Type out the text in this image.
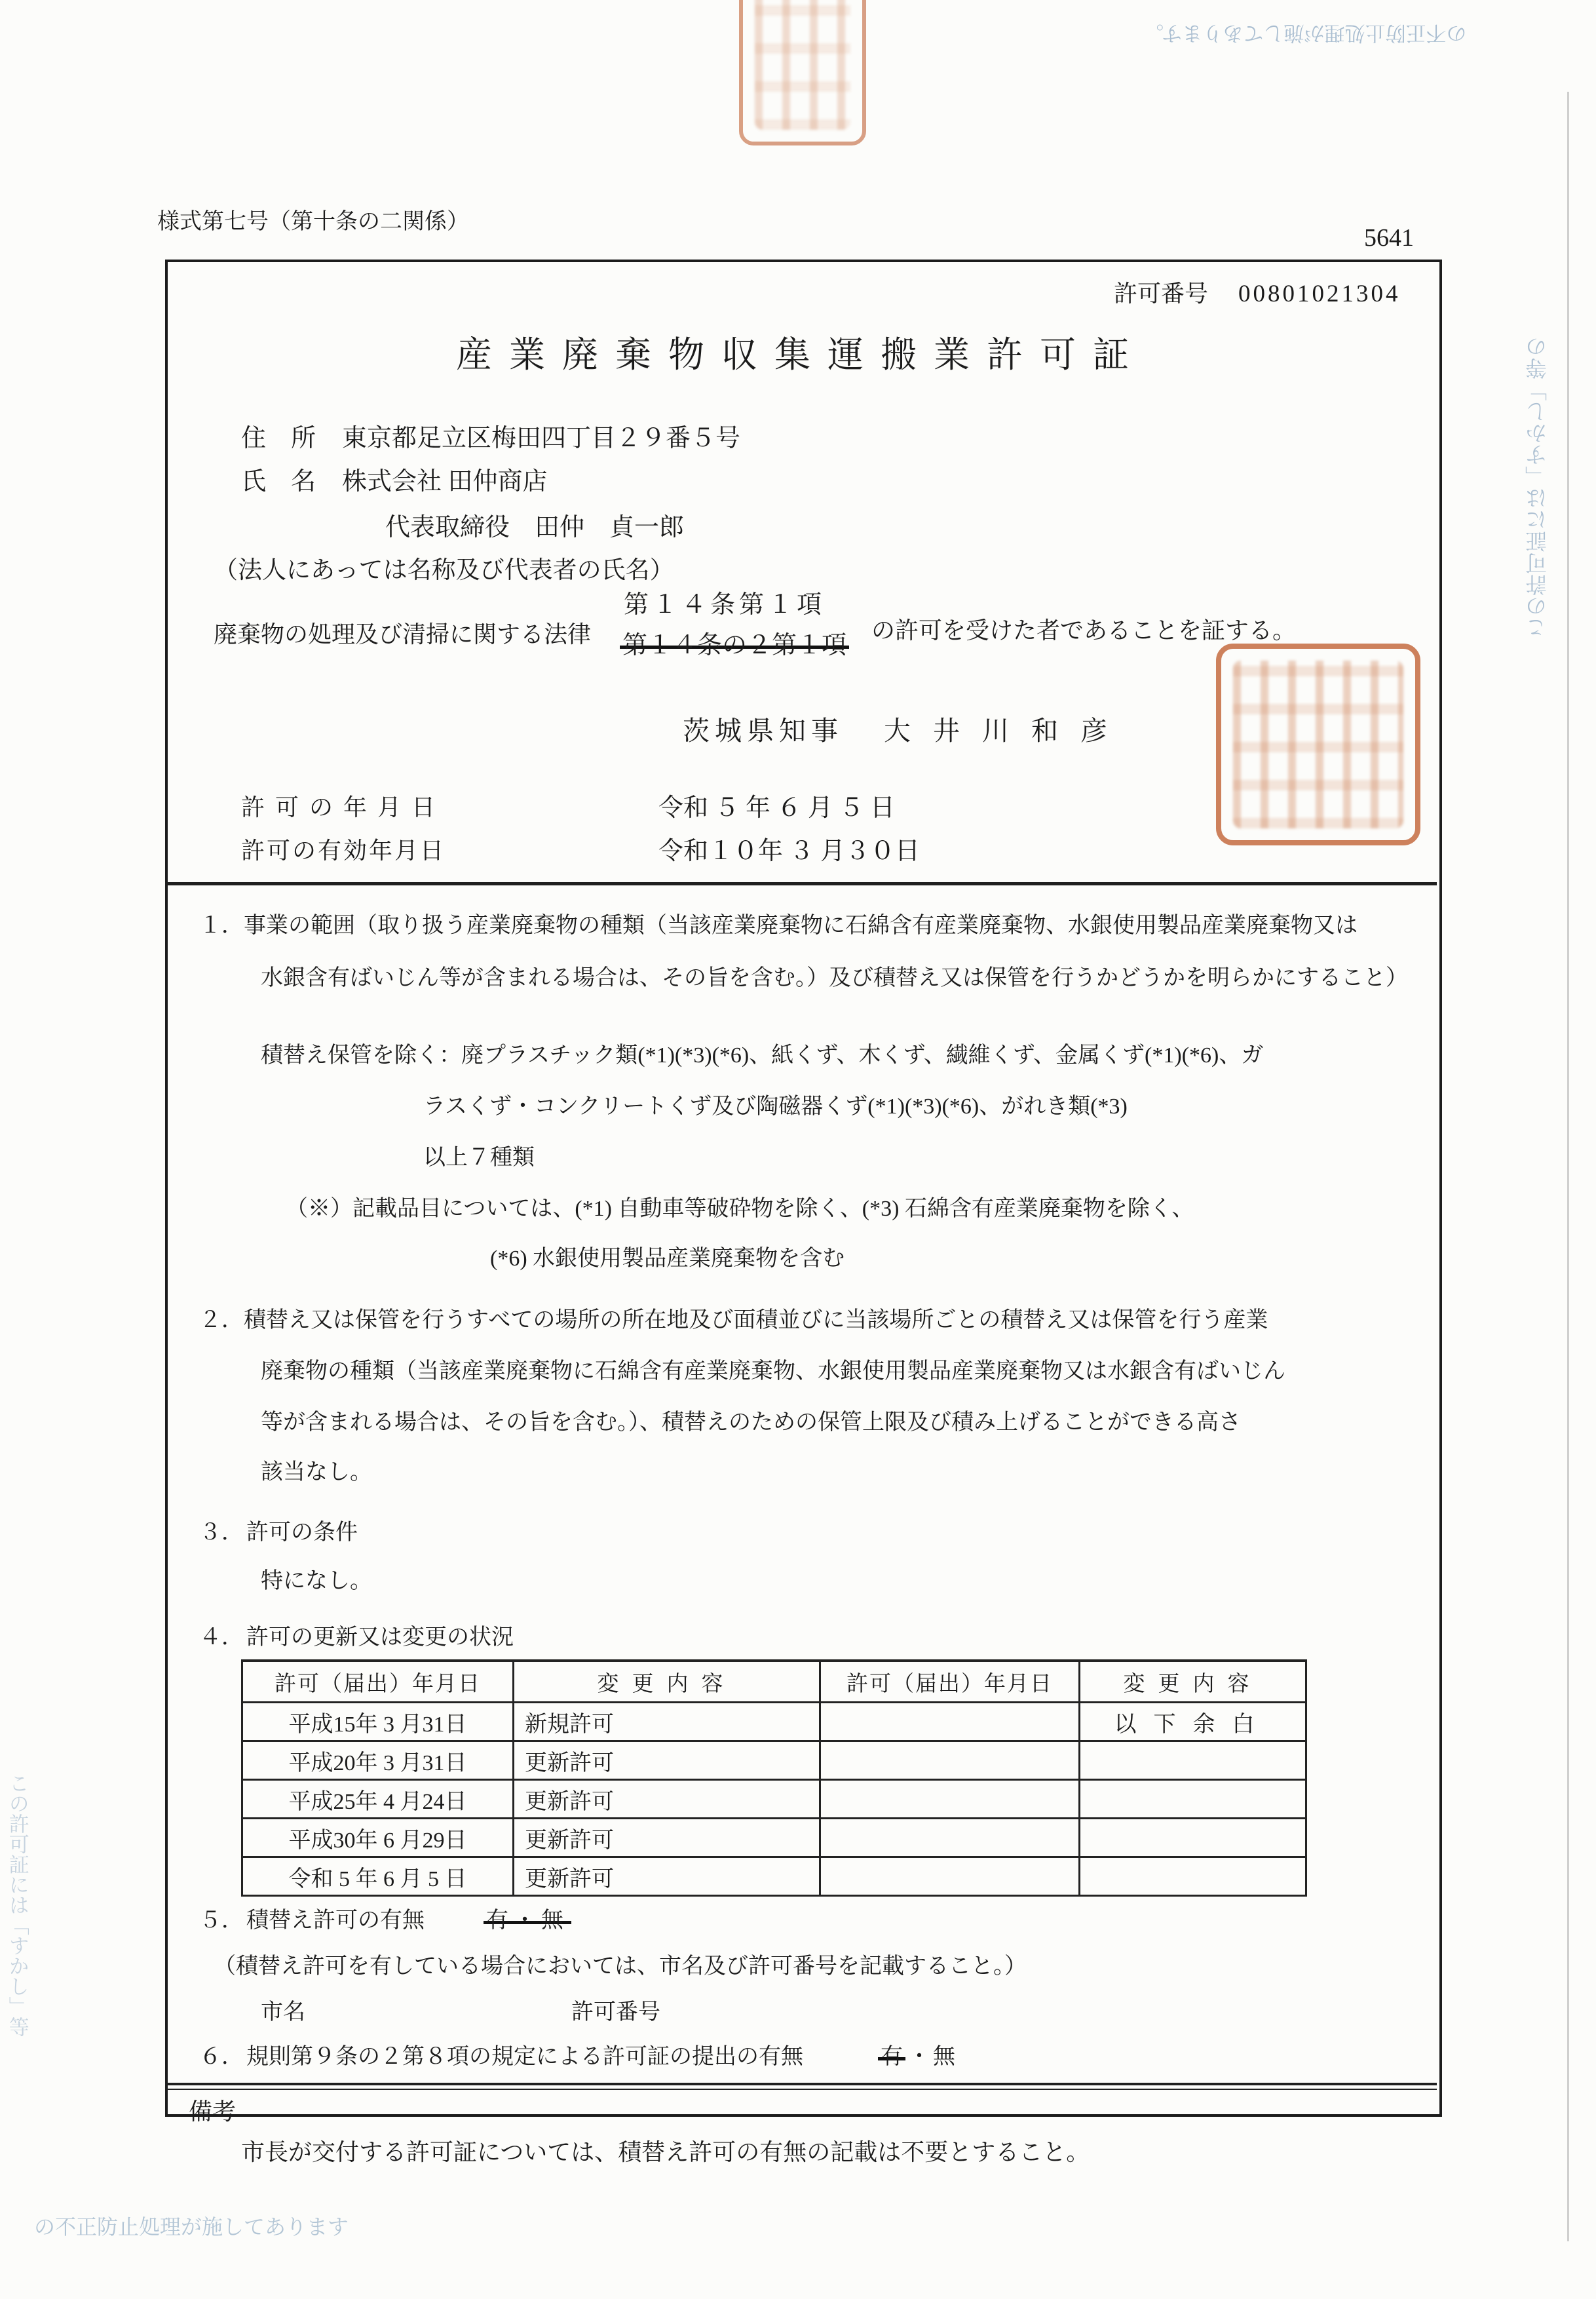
の不正防止処理が施してあります。
この許可証には「すかし」等の
この許可証には「すかし」等
の不正防止処理が施してあります
様式第七号（第十条の二関係）
5641
許可番号 00801021304
産業廃棄物収集運搬業許可証
住　所 東京都足立区梅田四丁目２９番５号
氏　名 株式会社 田仲商店
代表取締役　田仲　貞一郎
（法人にあっては名称及び代表者の氏名）
廃棄物の処理及び清掃に関する法律
第１４条第１項
第１４条の２第１項
の許可を受けた者であることを証する。
茨城県知事 大井川和彦
許可の年月日	令和 ５ 年 ６ 月 ５ 日
許可の有効年月日	令和１０年 ３ 月３０日
１． 事業の範囲（取り扱う産業廃棄物の種類（当該産業廃棄物に石綿含有産業廃棄物、水銀使用製品産業廃棄物又は
水銀含有ばいじん等が含まれる場合は、その旨を含む。）及び積替え又は保管を行うかどうかを明らかにすること）
積替え保管を除く：廃プラスチック類(*1)(*3)(*6)、紙くず、木くず、繊維くず、金属くず(*1)(*6)、ガ
ラスくず・コンクリートくず及び陶磁器くず(*1)(*3)(*6)、がれき類(*3)
以上７種類
（※）記載品目については、(*1) 自動車等破砕物を除く、(*3) 石綿含有産業廃棄物を除く、
(*6) 水銀使用製品産業廃棄物を含む
２． 積替え又は保管を行うすべての場所の所在地及び面積並びに当該場所ごとの積替え又は保管を行う産業
廃棄物の種類（当該産業廃棄物に石綿含有産業廃棄物、水銀使用製品産業廃棄物又は水銀含有ばいじん
等が含まれる場合は、その旨を含む。）、積替えのための保管上限及び積み上げることができる高さ
該当なし。
３． 許可の条件
特になし。
４． 許可の更新又は変更の状況
許可（届出）年月日	変更内容	許可（届出）年月日	変更内容
平成15年 3 月31日	新規許可		以下余白
平成20年 3 月31日	更新許可		
平成25年 4 月24日	更新許可		
平成30年 6 月29日	更新許可		
令和 5 年 6 月 5 日	更新許可		
５． 積替え許可の有無	有・無
（積替え許可を有している場合においては、市名及び許可番号を記載すること。）
市名	許可番号
６． 規則第９条の２第８項の規定による許可証の提出の有無	有 ・ 無
備考
市長が交付する許可証については、積替え許可の有無の記載は不要とすること。
